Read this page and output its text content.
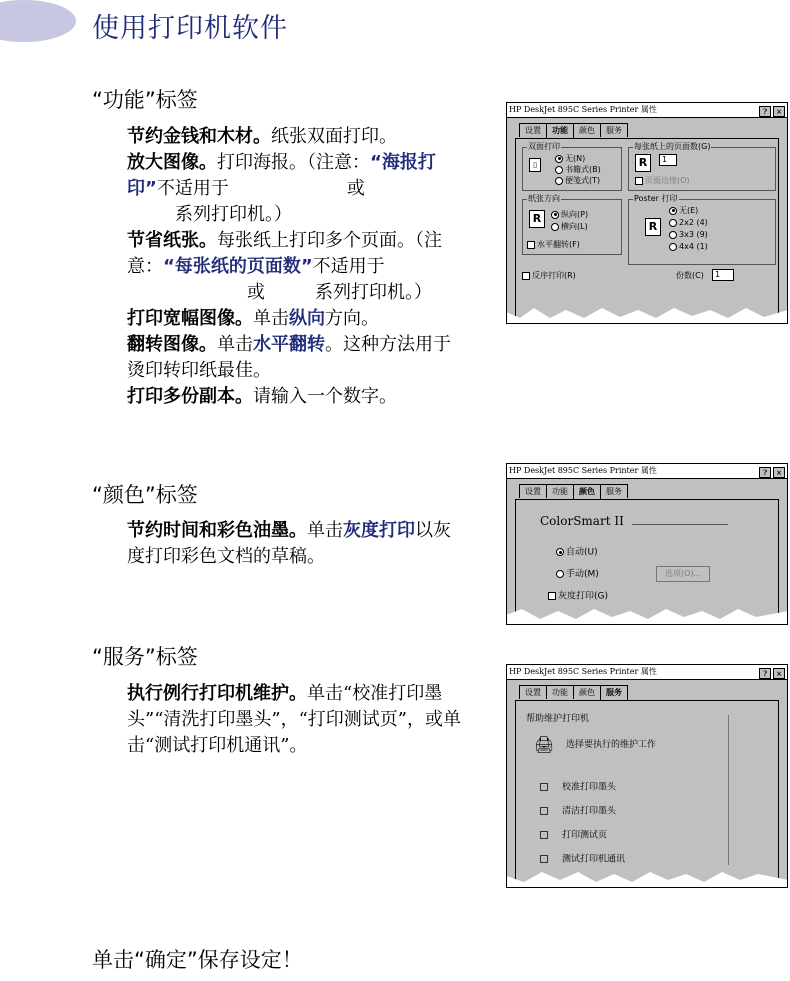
使用打印机软件
“功能”标签
节约金钱和木材。纸张双面打印。
放大图像。打印海报。（注意：“海报打印”不适用于	或
系列打印机。）
节省纸张。每张纸上打印多个页面。（注意：“每张纸的页面数”不适用于或	系列打印机。）
打印宽幅图像。单击纵向方向。
翻转图像。单击水平翻转。这种方法用于烫印转印纸最佳。
打印多份副本。请输入一个数字。
“颜色”标签
节约时间和彩色油墨。单击灰度打印以灰度打印彩色文档的草稿。
“服务”标签
执行例行打印机维护。单击“校准打印墨头”“清洗打印墨头”，“打印测试页”，或单击“测试打印机通讯”。
单击“确定”保存设定！
HP DeskJet 895C Series Printer 属性	? ×
设置 功能 颜色 服务
双面打印
▯
无(N)
书籍式(B)
便笺式(T)
每张纸上的页面数(G)
R	1
页面边缘(O)
纸张方向
R	纵向(P)
横向(L)
水平翻转(F)
Poster 打印
R
无(E)
2x2 (4)
3x3 (9)
4x4 (1)
反序打印(R)	份数(C)	1
HP DeskJet 895C Series Printer 属性	? ×
设置 功能 颜色 服务
ColorSmart II
自动(U)
手动(M)	选项(O)...
灰度打印(G)
HP DeskJet 895C Series Printer 属性	? ×
设置 功能 颜色 服务
帮助维护打印机
🖨 选择要执行的维护工作
校准打印墨头
清洁打印墨头
打印测试页
测试打印机通讯
